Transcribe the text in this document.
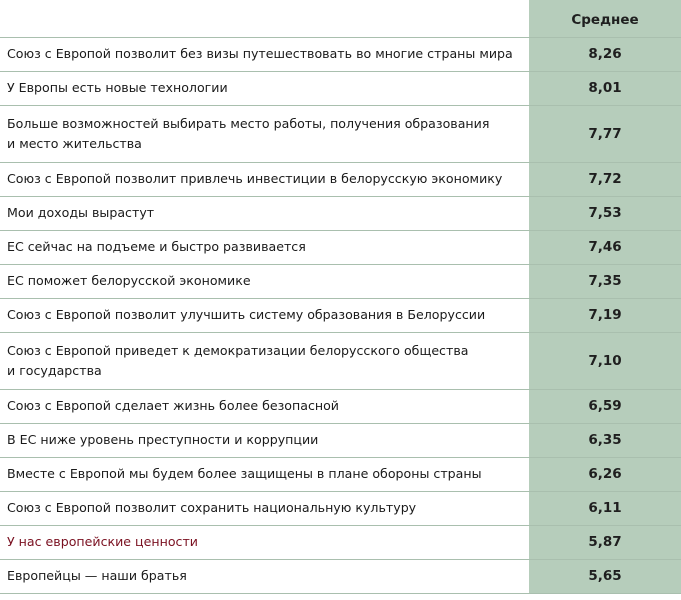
	Среднее
Союз с Европой позволит без визы путешествовать во многие страны мира	8,26
У Европы есть новые технологии	8,01
Больше возможностей выбирать место работы, получения образования
и место жительства	7,77
Союз с Европой позволит привлечь инвестиции в белорусскую экономику	7,72
Мои доходы вырастут	7,53
ЕС сейчас на подъеме и быстро развивается	7,46
ЕС поможет белорусской экономике	7,35
Союз с Европой позволит улучшить систему образования в Белоруссии	7,19
Союз с Европой приведет к демократизации белорусского общества
и государства	7,10
Союз с Европой сделает жизнь более безопасной	6,59
В ЕС ниже уровень преступности и коррупции	6,35
Вместе с Европой мы будем более защищены в плане обороны страны	6,26
Союз с Европой позволит сохранить национальную культуру	6,11
У нас европейские ценности	5,87
Европейцы — наши братья	5,65
